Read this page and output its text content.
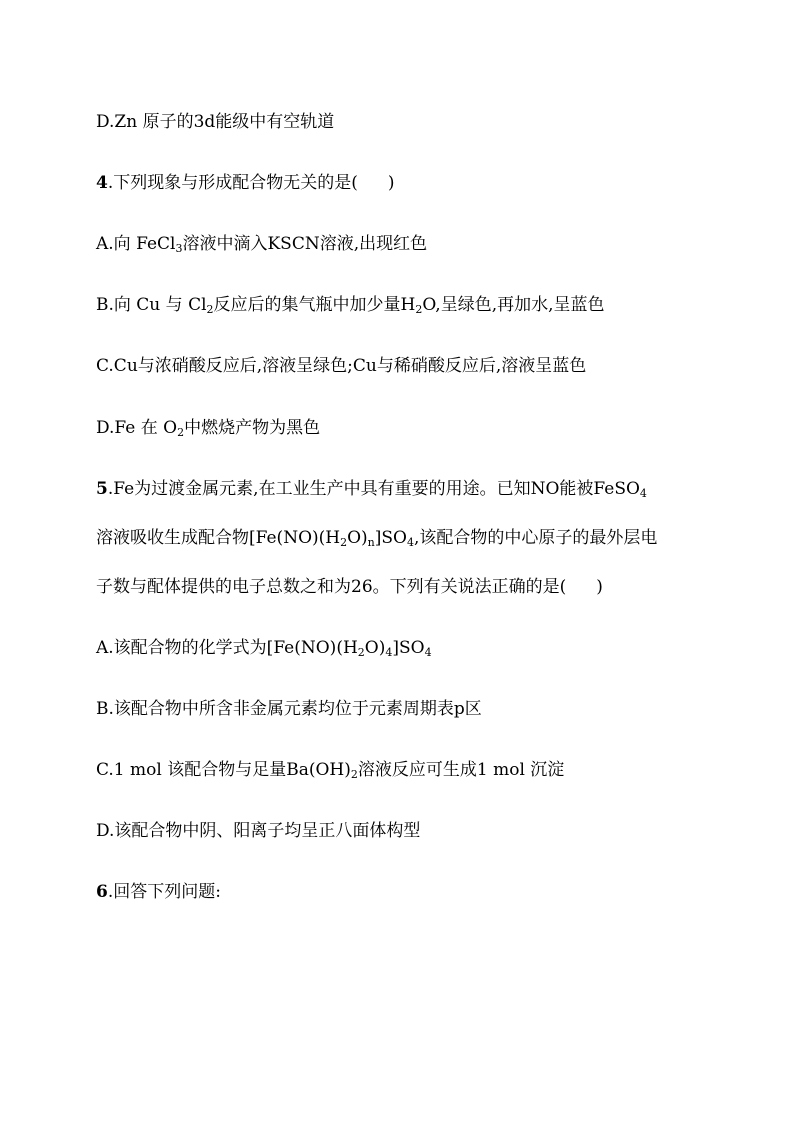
D.Zn 原子的3d能级中有空轨道
4.下列现象与形成配合物无关的是( )
A.向 FeCl$_3$溶液中滴入KSCN溶液,出现红色
B.向 Cu 与 $Cl_2$反应后的集气瓶中加少量$H_2O$,呈绿色,再加水,呈蓝色
C.Cu与浓硝酸反应后,溶液呈绿色;Cu与稀硝酸反应后,溶液呈蓝色
D.Fe 在 $O_2$中燃烧产物为黑色
5.Fe为过渡金属元素,在工业生产中具有重要的用途。已知NO能被FeSO$_4$
溶液吸收生成配合物$[Fe(NO)(H_2O)_n]SO_4$,该配合物的中心原子的最外层电
子数与配体提供的电子总数之和为26。下列有关说法正确的是( )
A.该配合物的化学式为$[Fe(NO)(H_2O)_4]SO_4$
B.该配合物中所含非金属元素均位于元素周期表p区
C.1 mol 该配合物与足量$Ba(OH)_2$溶液反应可生成1 mol 沉淀
D.该配合物中阴、阳离子均呈正八面体构型
6.回答下列问题:
